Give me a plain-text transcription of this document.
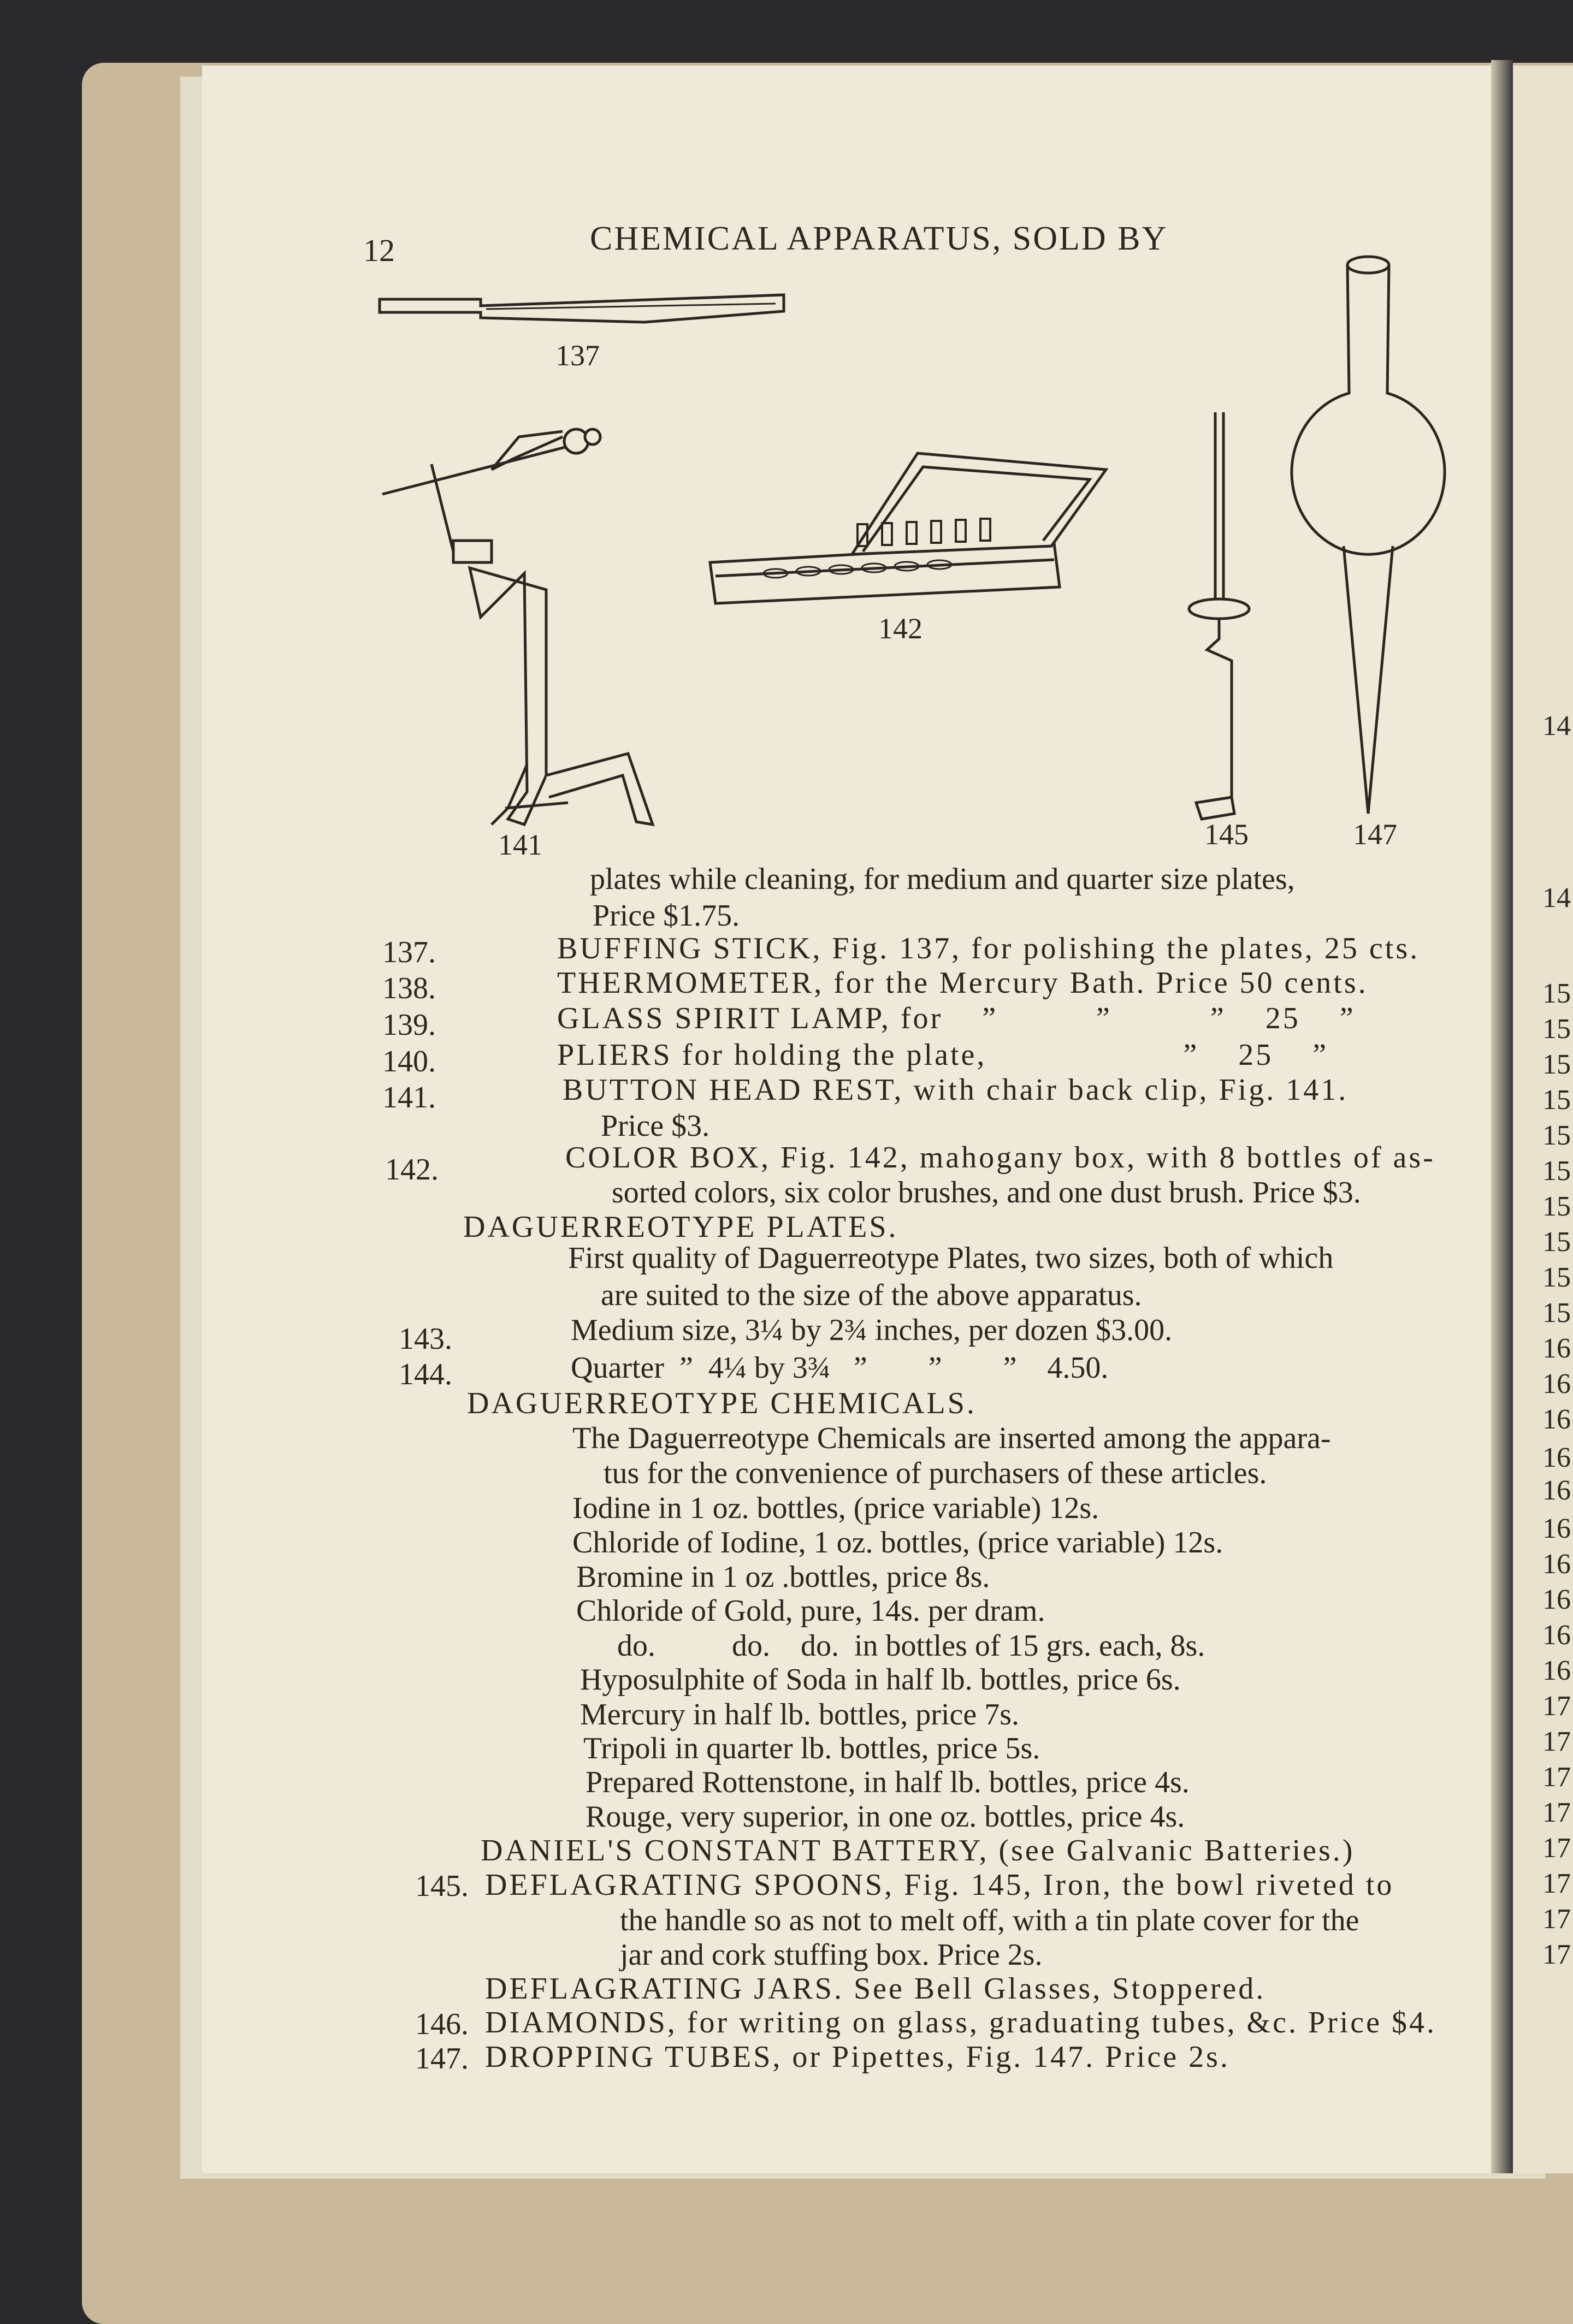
14
14
15
15
15
15
15
15
15
15
15
15
16
16
16
16
16
16
16
16
16
16
17
17
17
17
17
17
17
17
12	CHEMICAL APPARATUS, SOLD BY
137
141
142
145	147
plates while cleaning, for medium and quarter size plates,
Price $1.75.
137.	BUFFING STICK, Fig. 137, for polishing the plates, 25 cts.
138.	THERMOMETER, for the Mercury Bath. Price 50 cents.
139.	GLASS SPIRIT LAMP, for    ”          ”          ”    25    ”
140.	PLIERS for holding the plate,                    ”    25    ”
141.	BUTTON HEAD REST, with chair back clip, Fig. 141.
Price $3.
142.	COLOR BOX, Fig. 142, mahogany box, with 8 bottles of as-
sorted colors, six color brushes, and one dust brush. Price $3.
DAGUERREOTYPE PLATES.
First quality of Daguerreotype Plates, two sizes, both of which
are suited to the size of the above apparatus.
143.	Medium size, 3¼ by 2¾ inches, per dozen $3.00.
144.	Quarter  ”  4¼ by 3¾   ”        ”        ”    4.50.
DAGUERREOTYPE CHEMICALS.
The Daguerreotype Chemicals are inserted among the appara-
tus for the convenience of purchasers of these articles.
Iodine in 1 oz. bottles, (price variable) 12s.
Chloride of Iodine, 1 oz. bottles, (price variable) 12s.
Bromine in 1 oz .bottles, price 8s.
Chloride of Gold, pure, 14s. per dram.
do.          do.    do.  in bottles of 15 grs. each, 8s.
Hyposulphite of Soda in half lb. bottles, price 6s.
Mercury in half lb. bottles, price 7s.
Tripoli in quarter lb. bottles, price 5s.
Prepared Rottenstone, in half lb. bottles, price 4s.
Rouge, very superior, in one oz. bottles, price 4s.
DANIEL'S CONSTANT BATTERY, (see Galvanic Batteries.)
145. DEFLAGRATING SPOONS, Fig. 145, Iron, the bowl riveted to
the handle so as not to melt off, with a tin plate cover for the
jar and cork stuffing box. Price 2s.
DEFLAGRATING JARS. See Bell Glasses, Stoppered.
146. DIAMONDS, for writing on glass, graduating tubes, &c. Price $4.
147. DROPPING TUBES, or Pipettes, Fig. 147. Price 2s.
